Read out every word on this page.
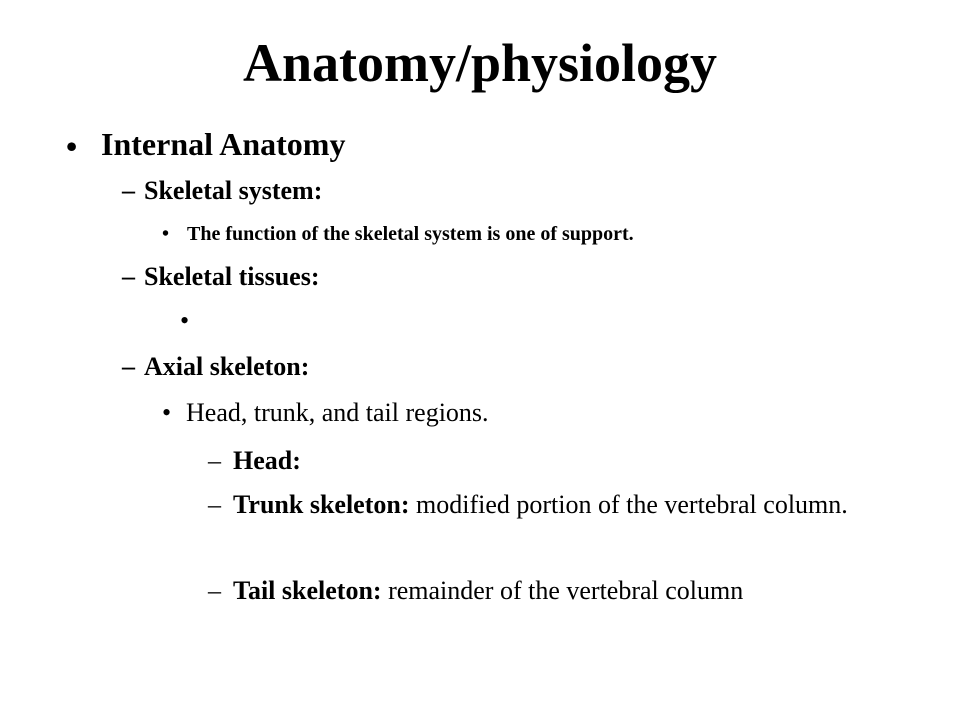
Anatomy/physiology
• Internal Anatomy
– Skeletal system:
• The function of the skeletal system is one of support.
– Skeletal tissues:
•
– Axial skeleton:
• Head, trunk, and tail regions.
– Head:
– Trunk skeleton: modified portion of the vertebral column.
– Tail skeleton: remainder of the vertebral column
